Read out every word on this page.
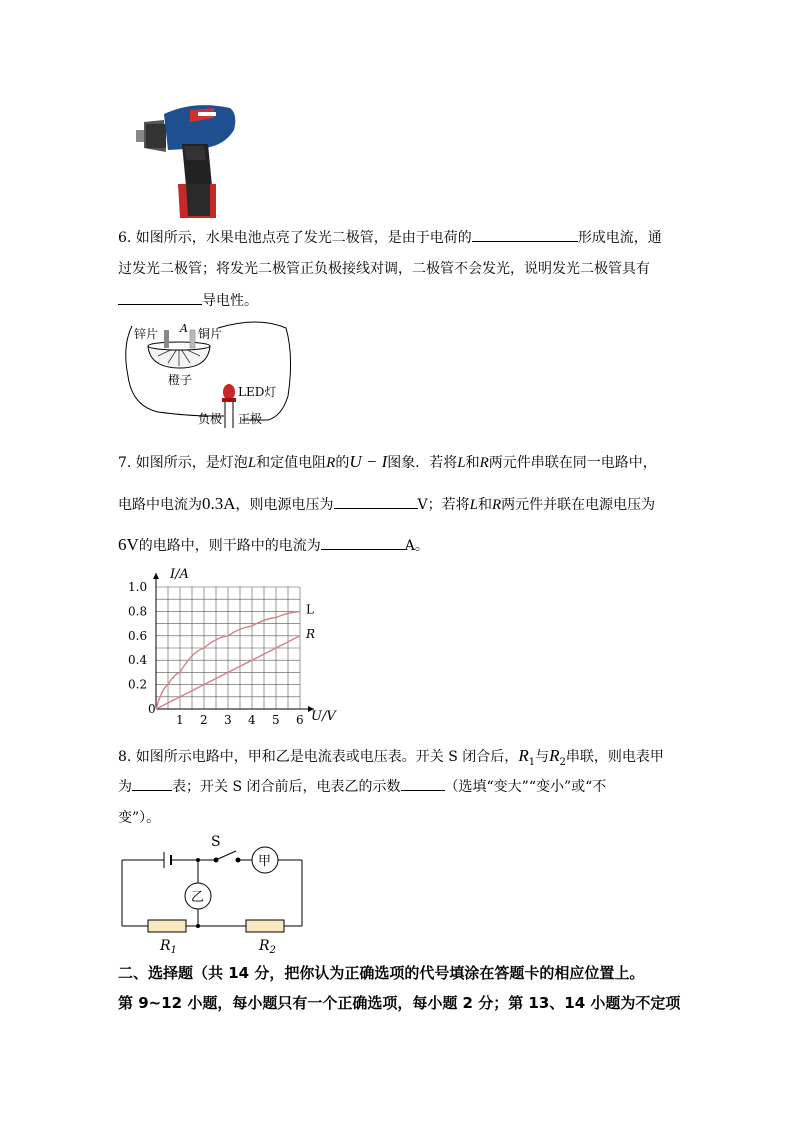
6. 如图所示，水果电池点亮了发光二极管，是由于电荷的	形成电流，通
过发光二极管；将发光二极管正负极接线对调，二极管不会发光，说明发光二极管具有
导电性。
锌片 A 铜片
橙子
LED灯
负极 正极
7. 如图所示，是灯泡L和定值电阻R的U − I图象．若将L和R两元件串联在同一电路中，
电路中电流为0.3A，则电源电压为	V；若将L和R两元件并联在电源电压为
6V的电路中，则干路中的电流为	A。
1 2 3 4 5 6
0.2
0.4
0.6
0.8
1.0
L
R
I/A
U/V
0
8. 如图所示电路中，甲和乙是电流表或电压表。开关 S 闭合后，$R_1$与$R_2$串联，则电表甲
为	表；开关 S 闭合前后，电表乙的示数	（选填“变大”“变小”或“不
变”）。
S
甲
乙
$R_1$	$R_2$
二、选择题（共 14 分，把你认为正确选项的代号填涂在答题卡的相应位置上。
第 9~12 小题，每小题只有一个正确选项，每小题 2 分；第 13、14 小题为不定项
